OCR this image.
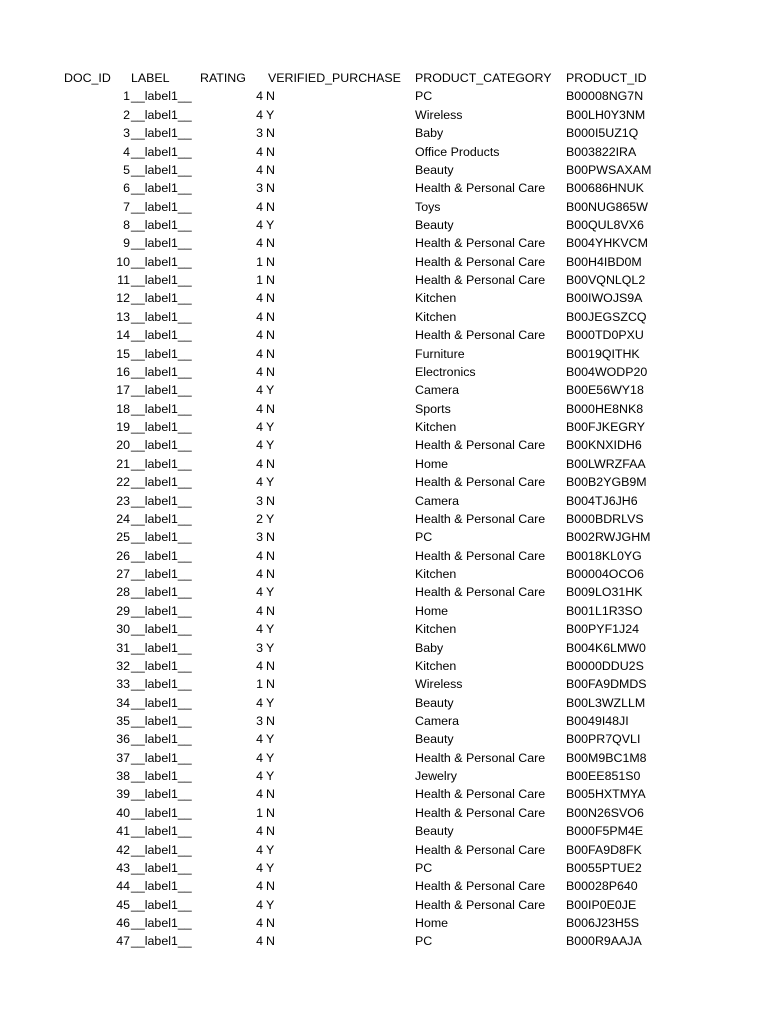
DOC_ID LABEL RATING VERIFIED_PURCHASE PRODUCT_CATEGORY PRODUCT_ID
1 __label1__	4 N	PC	B00008NG7N
2 __label1__	4 Y	Wireless	B00LH0Y3NM
3 __label1__	3 N	Baby	B000I5UZ1Q
4 __label1__	4 N	Office Products	B003822IRA
5 __label1__	4 N	Beauty	B00PWSAXAM
6 __label1__	3 N	Health & Personal Care B00686HNUK
7 __label1__	4 N	Toys	B00NUG865W
8 __label1__	4 Y	Beauty	B00QUL8VX6
9 __label1__	4 N	Health & Personal Care B004YHKVCM
10 __label1__	1 N	Health & Personal Care B00H4IBD0M
11 __label1__	1 N	Health & Personal Care B00VQNLQL2
12 __label1__	4 N	Kitchen	B00IWOJS9A
13 __label1__	4 N	Kitchen	B00JEGSZCQ
14 __label1__	4 N	Health & Personal Care B000TD0PXU
15 __label1__	4 N	Furniture	B0019QITHK
16 __label1__	4 N	Electronics	B004WODP20
17 __label1__	4 Y	Camera	B00E56WY18
18 __label1__	4 N	Sports	B000HE8NK8
19 __label1__	4 Y	Kitchen	B00FJKEGRY
20 __label1__	4 Y	Health & Personal Care B00KNXIDH6
21 __label1__	4 N	Home	B00LWRZFAA
22 __label1__	4 Y	Health & Personal Care B00B2YGB9M
23 __label1__	3 N	Camera	B004TJ6JH6
24 __label1__	2 Y	Health & Personal Care B000BDRLVS
25 __label1__	3 N	PC	B002RWJGHM
26 __label1__	4 N	Health & Personal Care B0018KL0YG
27 __label1__	4 N	Kitchen	B00004OCO6
28 __label1__	4 Y	Health & Personal Care B009LO31HK
29 __label1__	4 N	Home	B001L1R3SO
30 __label1__	4 Y	Kitchen	B00PYF1J24
31 __label1__	3 Y	Baby	B004K6LMW0
32 __label1__	4 N	Kitchen	B0000DDU2S
33 __label1__	1 N	Wireless	B00FA9DMDS
34 __label1__	4 Y	Beauty	B00L3WZLLM
35 __label1__	3 N	Camera	B0049I48JI
36 __label1__	4 Y	Beauty	B00PR7QVLI
37 __label1__	4 Y	Health & Personal Care B00M9BC1M8
38 __label1__	4 Y	Jewelry	B00EE851S0
39 __label1__	4 N	Health & Personal Care B005HXTMYA
40 __label1__	1 N	Health & Personal Care B00N26SVO6
41 __label1__	4 N	Beauty	B000F5PM4E
42 __label1__	4 Y	Health & Personal Care B00FA9D8FK
43 __label1__	4 Y	PC	B0055PTUE2
44 __label1__	4 N	Health & Personal Care B00028P640
45 __label1__	4 Y	Health & Personal Care B00IP0E0JE
46 __label1__	4 N	Home	B006J23H5S
47 __label1__	4 N	PC	B000R9AAJA
